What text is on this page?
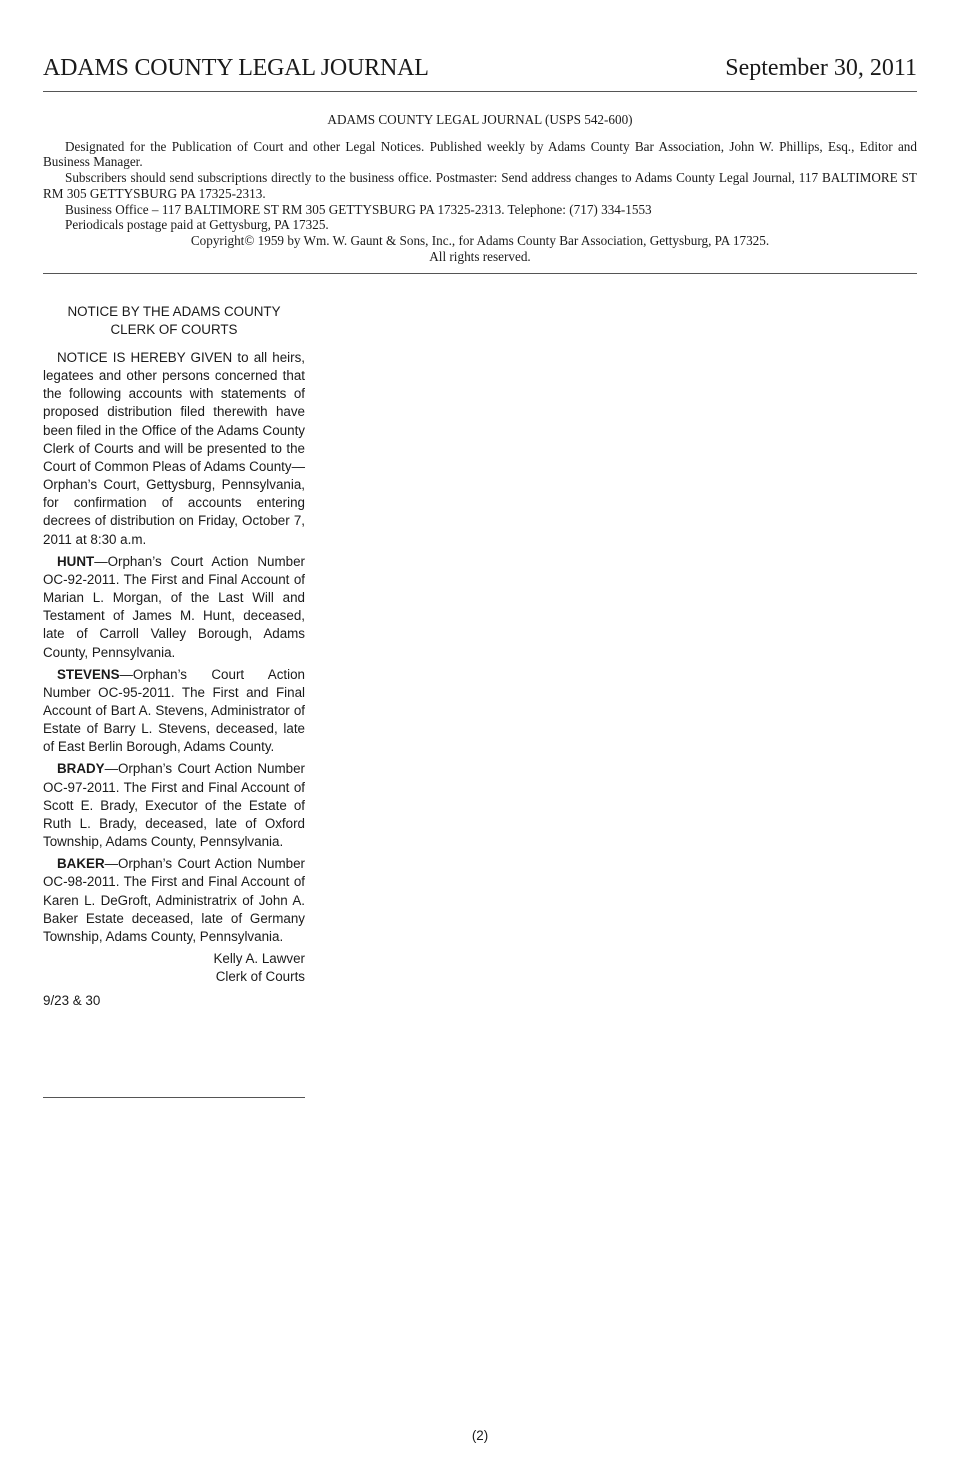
ADAMS COUNTY LEGAL JOURNAL	September 30, 2011
ADAMS COUNTY LEGAL JOURNAL (USPS 542-600)

Designated for the Publication of Court and other Legal Notices. Published weekly by Adams County Bar Association, John W. Phillips, Esq., Editor and Business Manager.

Subscribers should send subscriptions directly to the business office. Postmaster: Send address changes to Adams County Legal Journal, 117 BALTIMORE ST RM 305 GETTYSBURG PA 17325-2313.

Business Office – 117 BALTIMORE ST RM 305 GETTYSBURG PA 17325-2313. Telephone: (717) 334-1553

Periodicals postage paid at Gettysburg, PA 17325.

Copyright© 1959 by Wm. W. Gaunt & Sons, Inc., for Adams County Bar Association, Gettysburg, PA 17325.

All rights reserved.

NOTICE BY THE ADAMS COUNTY
CLERK OF COURTS

NOTICE IS HEREBY GIVEN to all heirs, legatees and other persons concerned that the following accounts with statements of proposed distribution filed therewith have been filed in the Office of the Adams County Clerk of Courts and will be presented to the Court of Common Pleas of Adams County—Orphan’s Court, Gettysburg, Pennsylvania, for confirmation of accounts entering decrees of distribution on Friday, October 7, 2011 at 8:30 a.m.

HUNT—Orphan’s Court Action Number OC-92-2011. The First and Final Account of Marian L. Morgan, of the Last Will and Testament of James M. Hunt, deceased, late of Carroll Valley Borough, Adams County, Pennsylvania.

STEVENS—Orphan’s Court Action Number OC-95-2011. The First and Final Account of Bart A. Stevens, Administrator of Estate of Barry L. Stevens, deceased, late of East Berlin Borough, Adams County.

BRADY—Orphan’s Court Action Number OC-97-2011. The First and Final Account of Scott E. Brady, Executor of the Estate of Ruth L. Brady, deceased, late of Oxford Township, Adams County, Pennsylvania.

BAKER—Orphan’s Court Action Number OC-98-2011. The First and Final Account of Karen L. DeGroft, Administratrix of John A. Baker Estate deceased, late of Germany Township, Adams County, Pennsylvania.

Kelly A. Lawver
Clerk of Courts
9/23 & 30
(2)
